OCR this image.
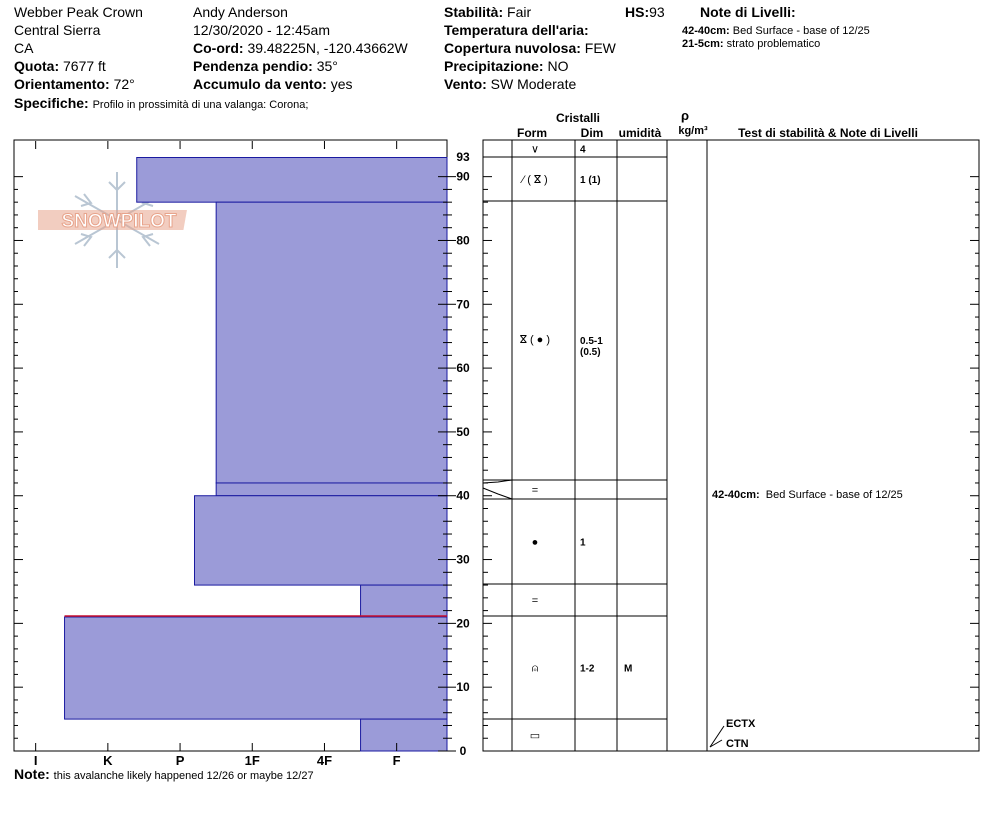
Webber Peak Crown
Central Sierra
CA
Quota: 7677 ft
Orientamento: 72°
Specifiche: Profilo in prossimità di una valanga: Corona;
Andy Anderson
12/30/2020 - 12:45am
Co-ord: 39.48225N, -120.43662W
Pendenza pendio: 35°
Accumulo da vento: yes
Stabilità: Fair	HS:93
Temperatura dell'aria:
Copertura nuvolosa: FEW
Precipitazione: NO
Vento: SW Moderate
Note di Livelli:
42-40cm: Bed Surface - base of 12/25
21-5cm: strato problematico
Note: this avalanche likely happened 12/26 or maybe 12/27
SNOWPILOT
I	K	P	1F	4F	F
0
10
20
30
40
50
60
70
80
90
93
Cristalli
Form	Dim umidità
ρ
kg/m³	Test di stabilità & Note di Livelli
∨	4
⁄ ( ⴵ )	1 (1)
ⴵ ( ● )	0.5-1
(0.5)
=
●	1
=
⍝	1-2	M
▭
42-40cm: Bed Surface - base of 12/25
ECTX
CTN
